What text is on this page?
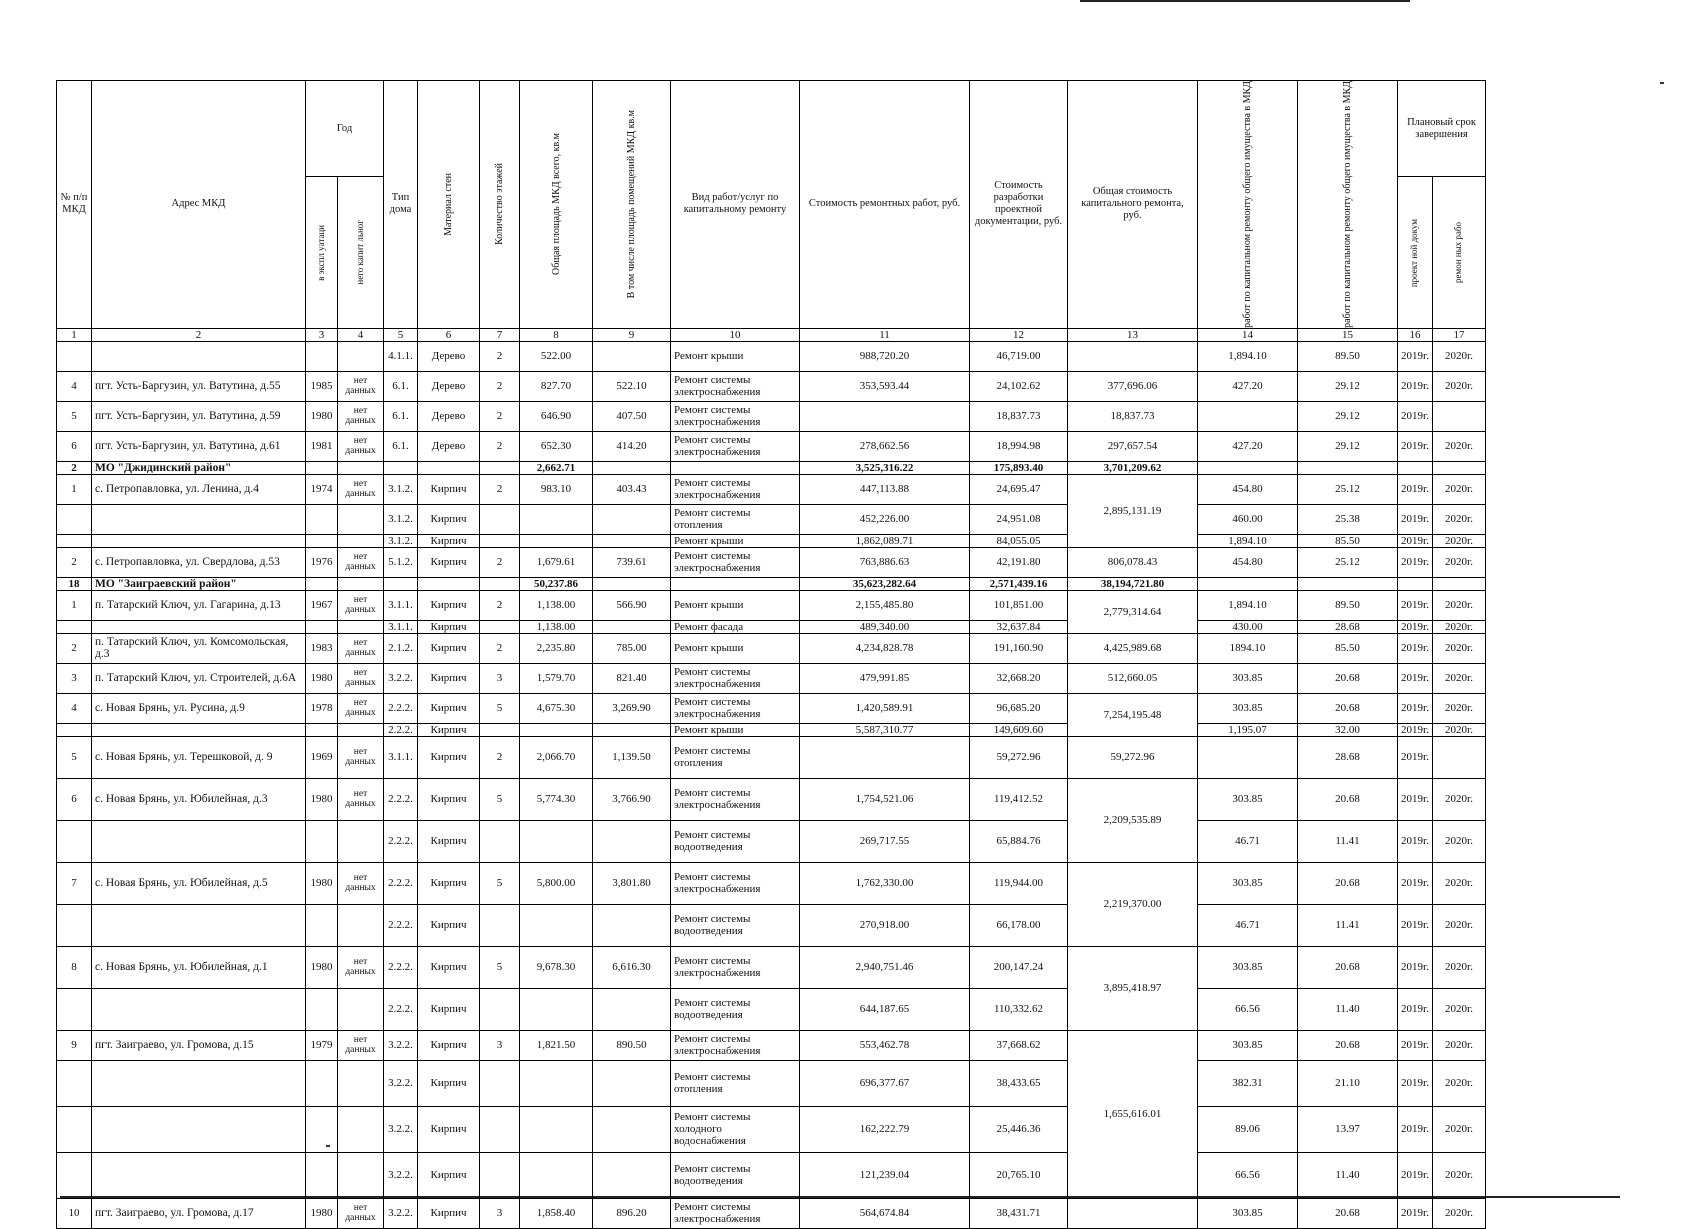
№ п/п МКД	Адрес МКД	Год		Тип дома	Материал стен	Количество этажей	Общая площадь МКД всего, кв.м	В том числе площадь помещений МКД кв.м	Вид работ/услуг по капитальному ремонту	Стоимость ремонтных работ, руб.	Стоимость разработки проектной документации, руб.	Общая стоимость капитального ремонта, руб.	работ по капитальном ремонту общего имущества в МКД	работ по капитальном ремонту общего имущества в МКД	Плановый срок завершения	

		в экспл уатаци	него капит льног												проект ной докум	ремон ных рабо

1	2	3	4	5	6	7	8	9	10	11	12	13	14	15	16	17
				4.1.1.	Дерево	2	522.00		Ремонт крыши	988,720.20	46,719.00		1,894.10	89.50	2019г.	2020г.
4	пгт. Усть-Баргузин, ул. Ватутина, д.55	1985	нет данных	6.1.	Дерево	2	827.70	522.10	Ремонт системы электроснабжения	353,593.44	24,102.62	377,696.06	427.20	29.12	2019г.	2020г.
5	пгт. Усть-Баргузин, ул. Ватутина, д.59	1980	нет данных	6.1.	Дерево	2	646.90	407.50	Ремонт системы электроснабжения		18,837.73	18,837.73		29.12	2019г.	
6	пгт. Усть-Баргузин, ул. Ватутина, д.61	1981	нет данных	6.1.	Дерево	2	652.30	414.20	Ремонт системы электроснабжения	278,662.56	18,994.98	297,657.54	427.20	29.12	2019г.	2020г.
2	МО "Джидинский район"						2,662.71			3,525,316.22	175,893.40	3,701,209.62				
1	с. Петропавловка, ул. Ленина, д.4	1974	нет данных	3.1.2.	Кирпич	2	983.10	403.43	Ремонт системы электроснабжения	447,113.88	24,695.47	2,895,131.19	454.80	25.12	2019г.	2020г.
				3.1.2.	Кирпич				Ремонт системы отопления	452,226.00	24,951.08		460.00	25.38	2019г.	2020г.
				3.1.2.	Кирпич				Ремонт крыши	1,862,089.71	84,055.05		1,894.10	85.50	2019г.	2020г.
2	с. Петропавловка, ул. Свердлова, д.53	1976	нет данных	5.1.2.	Кирпич	2	1,679.61	739.61	Ремонт системы электроснабжения	763,886.63	42,191.80	806,078.43	454.80	25.12	2019г.	2020г.
18	МО "Заиграевский район"						50,237.86			35,623,282.64	2,571,439.16	38,194,721.80				
1	п. Татарский Ключ, ул. Гагарина, д.13	1967	нет данных	3.1.1.	Кирпич	2	1,138.00	566.90	Ремонт крыши	2,155,485.80	101,851.00	2,779,314.64	1,894.10	89.50	2019г.	2020г.
				3.1.1.	Кирпич		1,138.00		Ремонт фасада	489,340.00	32,637.84		430.00	28.68	2019г.	2020г.
2	п. Татарский Ключ, ул. Комсомольская, д.3	1983	нет данных	2.1.2.	Кирпич	2	2,235.80	785.00	Ремонт крыши	4,234,828.78	191,160.90	4,425,989.68	1894.10	85.50	2019г.	2020г.
3	п. Татарский Ключ, ул. Строителей, д.6А	1980	нет данных	3.2.2.	Кирпич	3	1,579.70	821.40	Ремонт системы электроснабжения	479,991.85	32,668.20	512,660.05	303.85	20.68	2019г.	2020г.
4	с. Новая Брянь, ул. Русина, д.9	1978	нет данных	2.2.2.	Кирпич	5	4,675.30	3,269.90	Ремонт системы электроснабжения	1,420,589.91	96,685.20	7,254,195.48	303.85	20.68	2019г.	2020г.
				2.2.2.	Кирпич				Ремонт крыши	5,587,310.77	149,609.60		1,195.07	32.00	2019г.	2020г.
5	с. Новая Брянь, ул. Терешковой, д. 9	1969	нет данных	3.1.1.	Кирпич	2	2,066.70	1,139.50	Ремонт системы отопления		59,272.96	59,272.96		28.68	2019г.	
6	с. Новая Брянь, ул. Юбилейная, д.3	1980	нет данных	2.2.2.	Кирпич	5	5,774.30	3,766.90	Ремонт системы электроснабжения	1,754,521.06	119,412.52	2,209,535.89	303.85	20.68	2019г.	2020г.
				2.2.2.	Кирпич				Ремонт системы водоотведения	269,717.55	65,884.76		46.71	11.41	2019г.	2020г.
7	с. Новая Брянь, ул. Юбилейная, д.5	1980	нет данных	2.2.2.	Кирпич	5	5,800.00	3,801.80	Ремонт системы электроснабжения	1,762,330.00	119,944.00	2,219,370.00	303.85	20.68	2019г.	2020г.
				2.2.2.	Кирпич				Ремонт системы водоотведения	270,918.00	66,178.00		46.71	11.41	2019г.	2020г.
8	с. Новая Брянь, ул. Юбилейная, д.1	1980	нет данных	2.2.2.	Кирпич	5	9,678.30	6,616.30	Ремонт системы электроснабжения	2,940,751.46	200,147.24	3,895,418.97	303.85	20.68	2019г.	2020г.
				2.2.2.	Кирпич				Ремонт системы водоотведения	644,187.65	110,332.62		66.56	11.40	2019г.	2020г.
9	пгт. Заиграево, ул. Громова, д.15	1979	нет данных	3.2.2.	Кирпич	3	1,821.50	890.50	Ремонт системы электроснабжения	553,462.78	37,668.62	1,655,616.01	303.85	20.68	2019г.	2020г.
				3.2.2.	Кирпич				Ремонт системы отопления	696,377.67	38,433.65		382.31	21.10	2019г.	2020г.
				3.2.2.	Кирпич				Ремонт системы холодного водоснабжения	162,222.79	25,446.36		89.06	13.97	2019г.	2020г.
				3.2.2.	Кирпич				Ремонт системы водоотведения	121,239.04	20,765.10		66.56	11.40	2019г.	2020г.
10	пгт. Заиграево, ул. Громова, д.17	1980	нет данных	3.2.2.	Кирпич	3	1,858.40	896.20	Ремонт системы электроснабжения	564,674.84	38,431.71		303.85	20.68	2019г.	2020г.
